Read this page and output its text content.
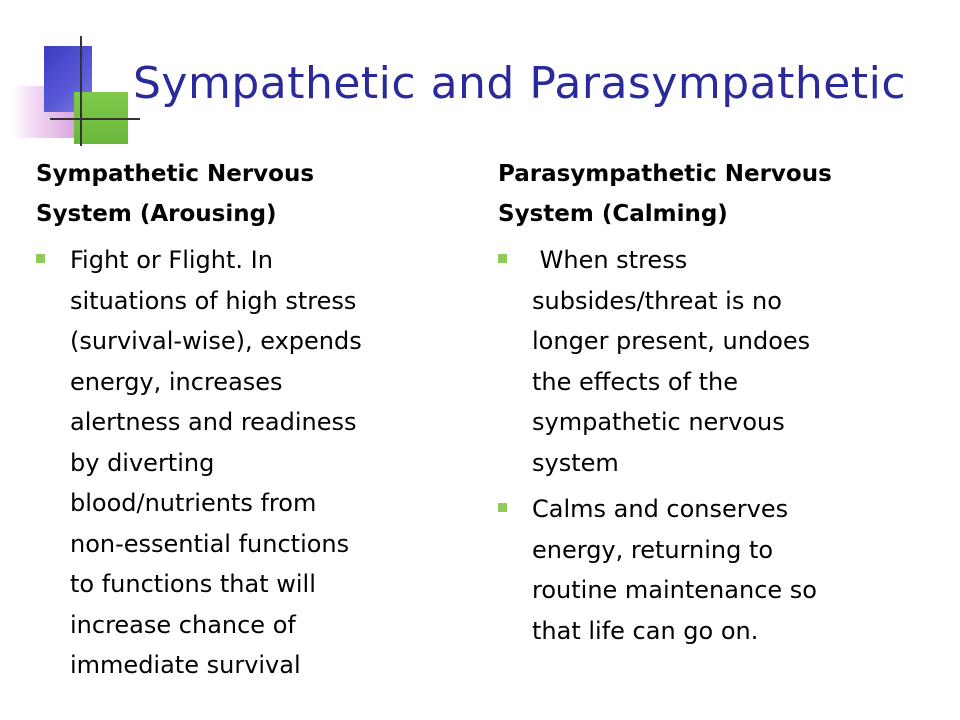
Sympathetic and Parasympathetic
Sympathetic Nervous
System (Arousing)
Fight or Flight. In
situations of high stress
(survival-wise), expends
energy, increases
alertness and readiness
by diverting
blood/nutrients from
non-essential functions
to functions that will
increase chance of
immediate survival
Parasympathetic Nervous
System (Calming)
When stress
subsides/threat is no
longer present, undoes
the effects of the
sympathetic nervous
system
Calms and conserves
energy, returning to
routine maintenance so
that life can go on.
